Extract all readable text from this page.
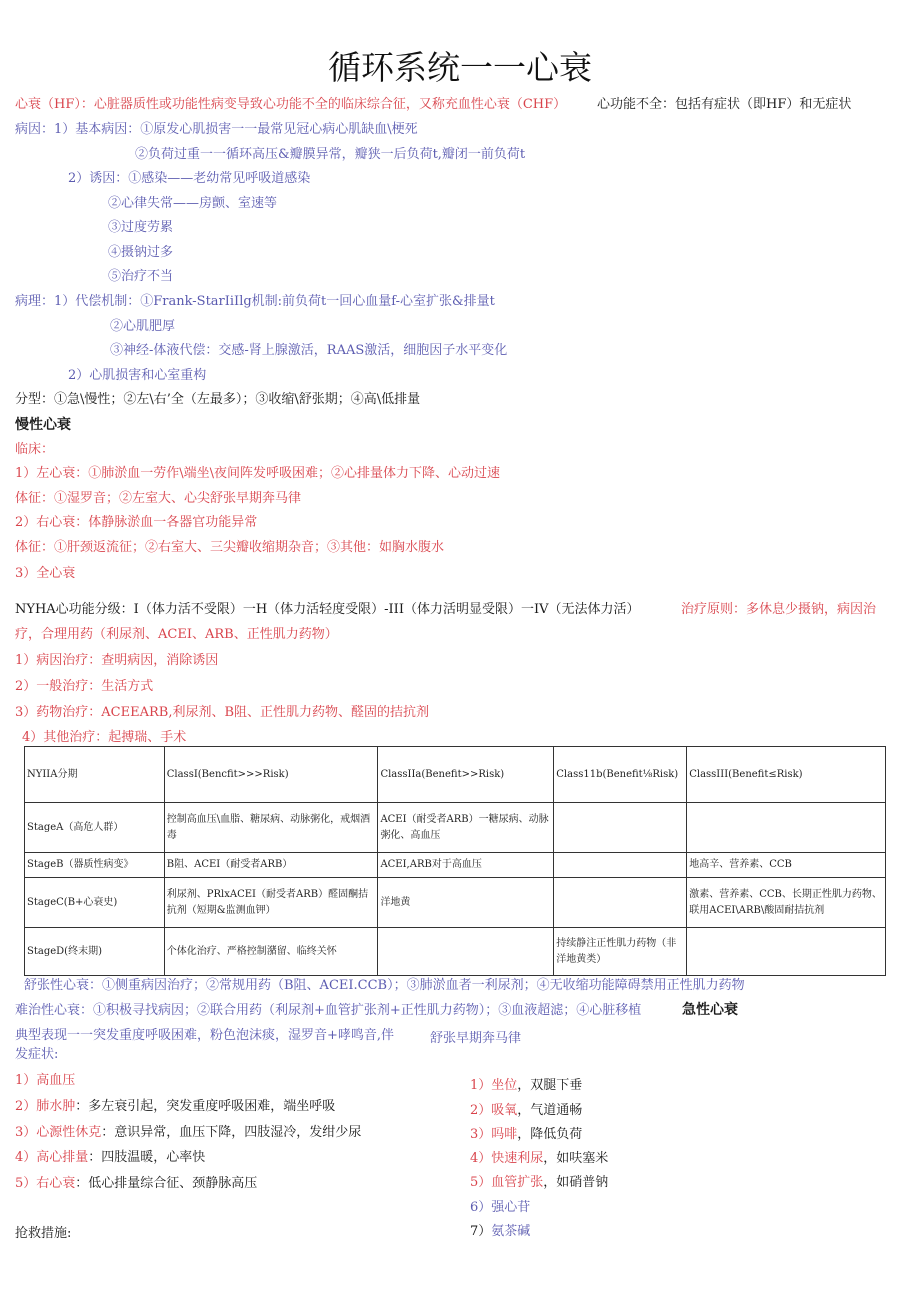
循环系统一一心衰
心衰（HF）：心脏器质性或功能性病变导致心功能不全的临床综合征，又称充血性心衰（CHF） 心功能不全：包括有症状（即HF）和无症状
病因：1）基本病因：①原发心肌损害一一最常见冠心病心肌缺血\梗死
②负荷过重一一循环高压&瓣膜异常，瓣狭一后负荷t,瓣闭一前负荷t
2）诱因：①感染——老幼常见呼吸道感染
②心律失常——房颤、室速等
③过度劳累
④摄钠过多
⑤治疗不当
病理：1）代偿机制：①Frank-StarIiIlg机制:前负荷t一回心血量f-心室扩张&排量t
②心肌肥厚
③神经-体液代偿：交感-肾上腺激活，RAAS激活，细胞因子水平变化
2）心肌损害和心室重构
分型：①急\慢性；②左\右’全（左最多）；③收缩\舒张期；④高\低排量
慢性心衰
临床：
1）左心衰：①肺淤血一劳作\端坐\夜间阵发呼吸困难；②心排量体力下降、心动过速
体征：①湿罗音；②左室大、心尖舒张早期奔马律
2）右心衰：体静脉淤血一各器官功能异常
体征：①肝颈返流征；②右室大、三尖瓣收缩期杂音；③其他：如胸水腹水
3）全心衰
NYHA心功能分级：I（体力活不受限）一H（体力活轻度受限）-III（体力活明显受限）一IV（无法体力活）	治疗原则：多休息少摄钠，病因治
疗，合理用药（利尿剂、ACEI、ARB、正性肌力药物）
1）病因治疗：查明病因，消除诱因
2）一般治疗：生活方式
3）药物治疗：ACEEARB,利尿剂、B阻、正性肌力药物、醛固的拮抗剂
4）其他治疗：起搏瑞、手术
NYIIA分期	ClassI(Bencfit>>>Risk)	ClassIIa(Benefit>>Risk)	Class11b(Benefit⅛Risk)	ClassIII(Benefit≤Risk)
StageA（高危人群）	控制高血压\血脂、糖尿病、动脉粥化，戒烟酒毒	ACEI（耐受者ARB）一糖尿病、动脉粥化、高血压		
StageB（器质性病变》	B阻、ACEI（耐受者ARB）	ACEI,ARB对于高血压		地高辛、营养素、CCB
StageC(B+心衰史)	利尿剂、PRlxACEI（耐受者ARB）醛固酮拮抗剂（短期&监测血钾）	洋地黄		激素、营养素、CCB、长期正性肌力药物、联用ACEI\ARB\酸固耐拮抗剂
StageD(终末期)	个体化治疗、严格控制潴留、临终关怀		持续静注正性肌力药物（非洋地黄类）	
舒张性心衰：①侧重病因治疗；②常规用药（B阻、ACEI.CCB）；③肺淤血者一利尿剂；④无收缩功能障碍禁用正性肌力药物
难治性心衰：①积极寻找病因；②联合用药（利尿剂+血管扩张剂+正性肌力药物）；③血液超滤；④心脏移植	急性心衰
典型表现一一突发重度呼吸困难，粉色泡沫痰，湿罗音+哮鸣音,伴	舒张早期奔马律
发症状:
1）高血压
2）肺水肿：多左衰引起，突发重度呼吸困难，端坐呼吸
3）心源性休克：意识异常，血压下降，四肢湿冷，发绀少尿
4）高心排量：四肢温暖，心率快
5）右心衰：低心排量综合征、颈静脉高压
1）坐位，双腿下垂
2）吸氧，气道通畅
3）吗啡，降低负荷
4）快速利尿，如呋塞米
5）血管扩张，如硝普钠
6）强心苷
7）氨茶碱
抢救措施:
